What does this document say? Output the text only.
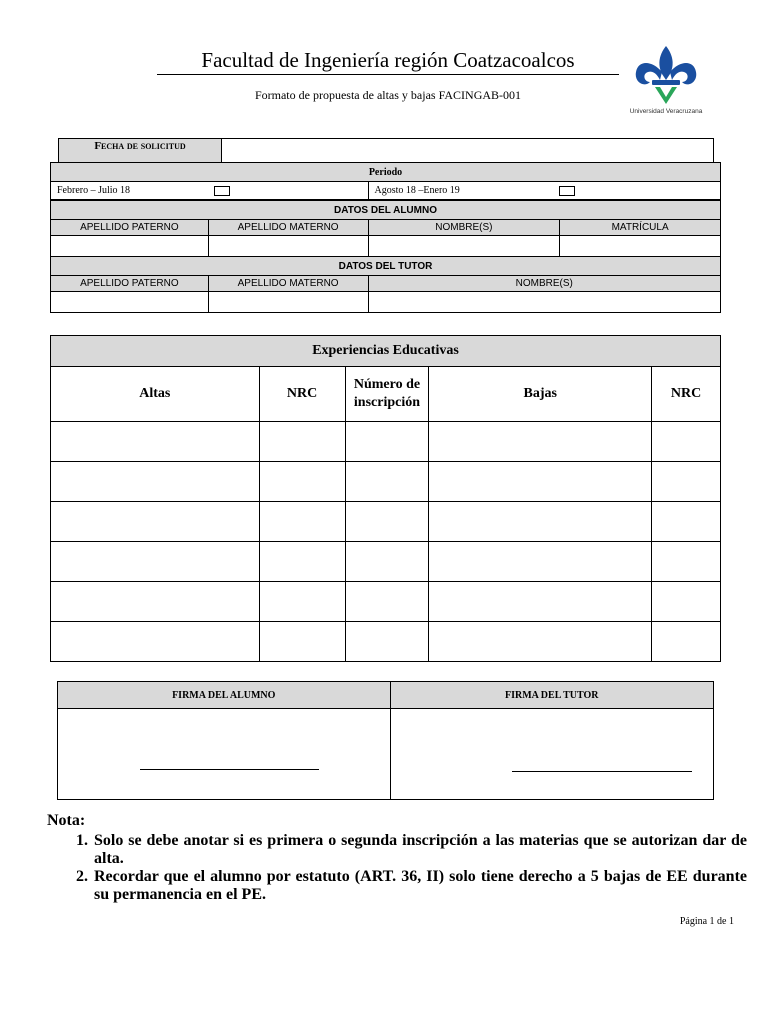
Facultad de Ingeniería región Coatzacoalcos
Formato de propuesta de altas y bajas FACINGAB-001
Universidad Veracruzana
Fecha de solicitud	
Periodo			
Febrero – Julio 18		Agosto 18 –Enero 19	

DATOS DEL ALUMNO			
APELLIDO PATERNO	APELLIDO MATERNO	NOMBRE(S)	MATRÍCULA

DATOS DEL TUTOR			
APELLIDO PATERNO	APELLIDO MATERNO	NOMBRE(S)	

Experiencias Educativas				
Altas	NRC	Número de inscripción	Bajas	NRC

FIRMA DEL ALUMNO	FIRMA DEL TUTOR

Nota:
1. Solo se debe anotar si es primera o segunda inscripción a las materias que se autorizan dar de alta.
2. Recordar que el alumno por estatuto (ART. 36, II) solo tiene derecho a 5 bajas de EE durante su permanencia en el PE.
Página 1 de 1
